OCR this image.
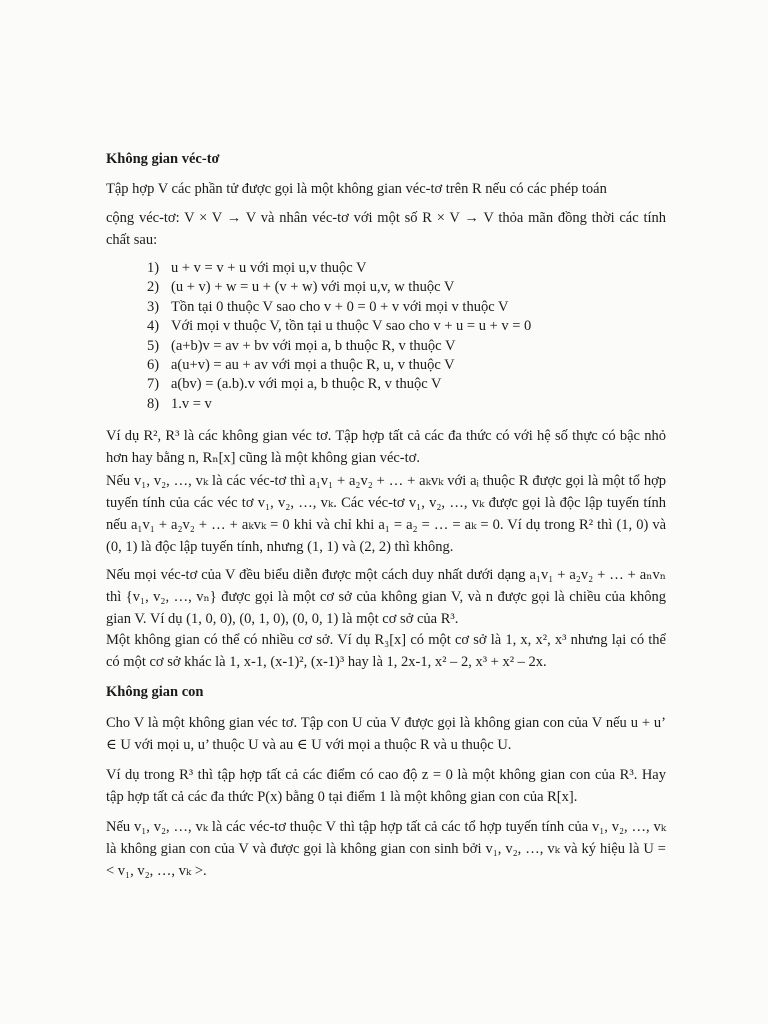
Không gian véc-tơ
Tập hợp V các phần tử được gọi là một không gian véc-tơ trên R nếu có các phép toán
cộng véc-tơ: V × V → V và nhân véc-tơ với một số R × V → V thỏa mãn đồng thời các tính chất sau:
1) u + v = v + u với mọi u,v thuộc V
2) (u + v) + w = u + (v + w) với mọi u,v, w thuộc V
3) Tồn tại 0 thuộc V sao cho v + 0 = 0 + v với mọi v thuộc V
4) Với mọi v thuộc V, tồn tại u thuộc V sao cho v + u = u + v = 0
5) (a+b)v = av + bv với mọi a, b thuộc R, v thuộc V
6) a(u+v) = au + av với mọi a thuộc R, u, v thuộc V
7) a(bv) = (a.b).v với mọi a, b thuộc R, v thuộc V
8) 1.v = v
Ví dụ R², R³ là các không gian véc tơ. Tập hợp tất cả các đa thức có với hệ số thực có bậc nhỏ hơn hay bằng n, Rₙ[x] cũng là một không gian véc-tơ.
Nếu v₁, v₂, …, vₖ là các véc-tơ thì a₁v₁ + a₂v₂ + … + aₖvₖ với aᵢ thuộc R được gọi là một tổ hợp tuyến tính của các véc tơ v₁, v₂, …, vₖ. Các véc-tơ v₁, v₂, …, vₖ được gọi là độc lập tuyến tính nếu a₁v₁ + a₂v₂ + … + aₖvₖ = 0 khi và chỉ khi a₁ = a₂ = … = aₖ = 0. Ví dụ trong R² thì (1, 0) và (0, 1) là độc lập tuyến tính, nhưng (1, 1) và (2, 2) thì không.
Nếu mọi véc-tơ của V đều biểu diễn được một cách duy nhất dưới dạng a₁v₁ + a₂v₂ + … + aₙvₙ thì {v₁, v₂, …, vₙ} được gọi là một cơ sở của không gian V, và n được gọi là chiều của không gian V. Ví dụ (1, 0, 0), (0, 1, 0), (0, 0, 1) là một cơ sở của R³.
Một không gian có thể có nhiều cơ sở. Ví dụ R₃[x] có một cơ sở là 1, x, x², x³ nhưng lại có thể có một cơ sở khác là 1, x-1, (x-1)², (x-1)³ hay là 1, 2x-1, x² – 2, x³ + x² – 2x.
Không gian con
Cho V là một không gian véc tơ. Tập con U của V được gọi là không gian con của V nếu u + u’ ∈ U với mọi u, u’ thuộc U và au ∈ U với mọi a thuộc R và u thuộc U.
Ví dụ trong R³ thì tập hợp tất cả các điểm có cao độ z = 0 là một không gian con của R³. Hay tập hợp tất cả các đa thức P(x) bằng 0 tại điểm 1 là một không gian con của R[x].
Nếu v₁, v₂, …, vₖ là các véc-tơ thuộc V thì tập hợp tất cả các tổ hợp tuyến tính của v₁, v₂, …, vₖ là không gian con của V và được gọi là không gian con sinh bởi v₁, v₂, …, vₖ và ký hiệu là U = < v₁, v₂, …, vₖ >.
